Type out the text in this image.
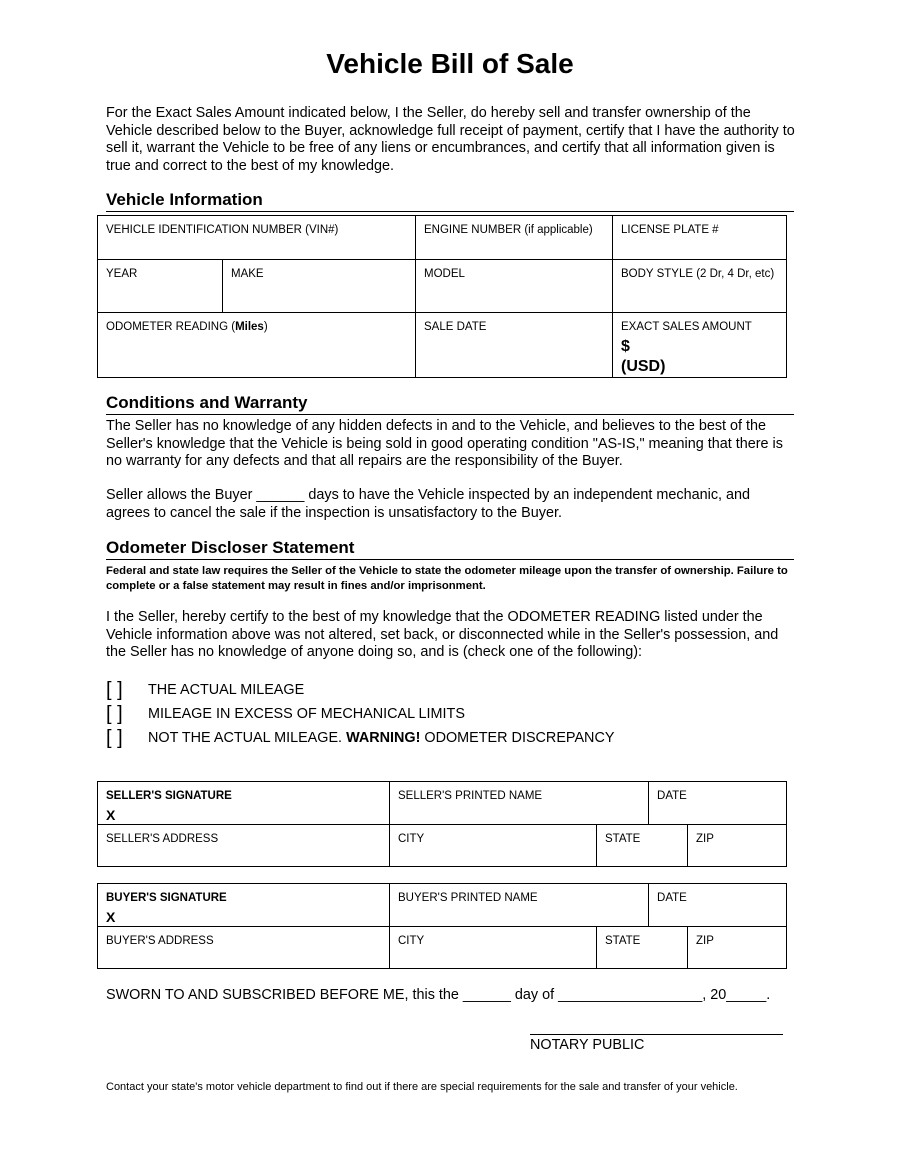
Vehicle Bill of Sale

For the Exact Sales Amount indicated below, I the Seller, do hereby sell and transfer ownership of the Vehicle described below to the Buyer, acknowledge full receipt of payment, certify that I have the authority to sell it, warrant the Vehicle to be free of any liens or encumbrances, and certify that all information given is true and correct to the best of my knowledge.

Vehicle Information
VEHICLE IDENTIFICATION NUMBER (VIN#)		ENGINE NUMBER (if applicable)	LICENSE PLATE #

YEAR	MAKE	MODEL	BODY STYLE (2 Dr, 4 Dr, etc)

ODOMETER READING (Miles)		SALE DATE	EXACT SALES AMOUNT
$
(USD)
Conditions and Warranty

The Seller has no knowledge of any hidden defects in and to the Vehicle, and believes to the best of the Seller's knowledge that the Vehicle is being sold in good operating condition "AS-IS," meaning that there is no warranty for any defects and that all repairs are the responsibility of the Buyer.

Seller allows the Buyer ______ days to have the Vehicle inspected by an independent mechanic, and agrees to cancel the sale if the inspection is unsatisfactory to the Buyer.

Odometer Discloser Statement

Federal and state law requires the Seller of the Vehicle to state the odometer mileage upon the transfer of ownership. Failure to complete or a false statement may result in fines and/or imprisonment.

I the Seller, hereby certify to the best of my knowledge that the ODOMETER READING listed under the Vehicle information above was not altered, set back, or disconnected while in the Seller's possession, and the Seller has no knowledge of anyone doing so, and is (check one of the following):

[ ]	THE ACTUAL MILEAGE
[ ]	MILEAGE IN EXCESS OF MECHANICAL LIMITS
[ ]	NOT THE ACTUAL MILEAGE. WARNING! ODOMETER DISCREPANCY
SELLER'S SIGNATURE
X	SELLER'S PRINTED NAME		DATE	

SELLER'S ADDRESS	CITY	STATE		ZIP
BUYER'S SIGNATURE
X	BUYER'S PRINTED NAME		DATE	

BUYER'S ADDRESS	CITY	STATE		ZIP

SWORN TO AND SUBSCRIBED BEFORE ME, this the ______ day of __________________, 20_____.

NOTARY PUBLIC
Contact your state's motor vehicle department to find out if there are special requirements for the sale and transfer of your vehicle.
